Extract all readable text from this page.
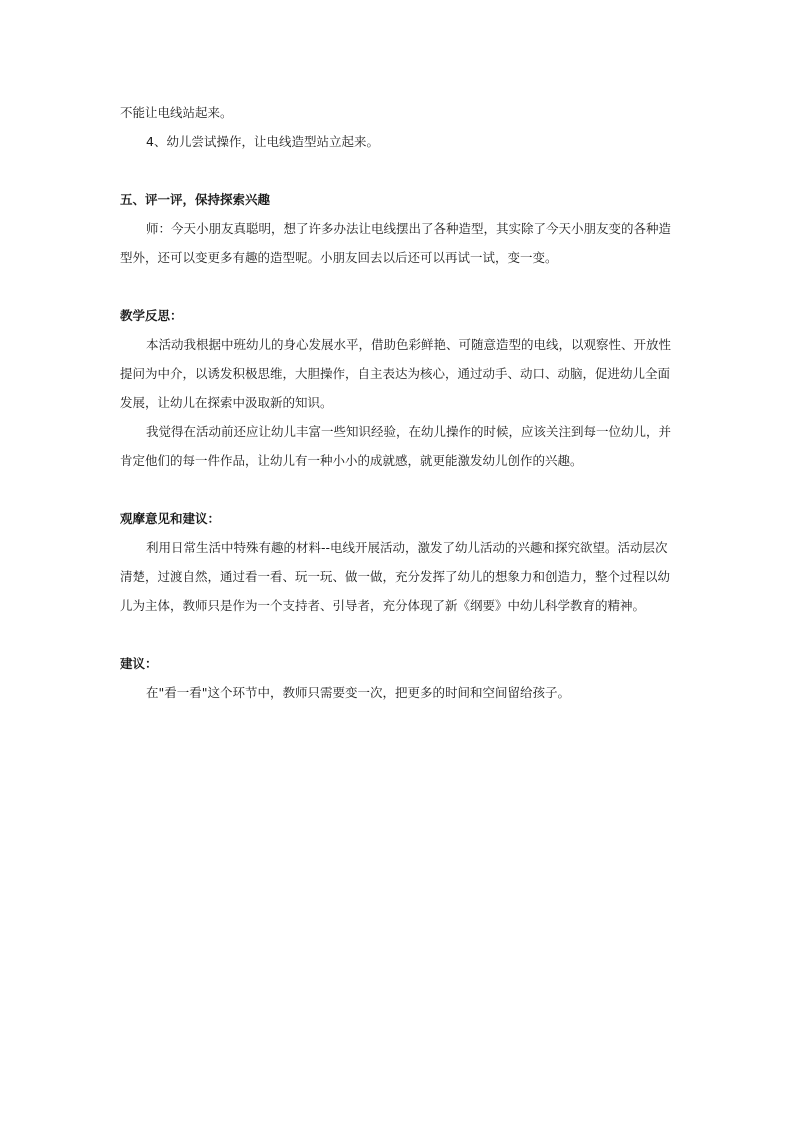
不能让电线站起来。

4、幼儿尝试操作，让电线造型站立起来。

五、评一评，保持探索兴趣

师：今天小朋友真聪明，想了许多办法让电线摆出了各种造型，其实除了今天小朋友变的各种造型外，还可以变更多有趣的造型呢。小朋友回去以后还可以再试一试，变一变。

教学反思：

本活动我根据中班幼儿的身心发展水平，借助色彩鲜艳、可随意造型的电线，以观察性、开放性提问为中介，以诱发积极思维，大胆操作，自主表达为核心，通过动手、动口、动脑，促进幼儿全面发展，让幼儿在探索中汲取新的知识。

我觉得在活动前还应让幼儿丰富一些知识经验，在幼儿操作的时候，应该关注到每一位幼儿，并肯定他们的每一件作品，让幼儿有一种小小的成就感，就更能激发幼儿创作的兴趣。

观摩意见和建议：

利用日常生活中特殊有趣的材料--电线开展活动，激发了幼儿活动的兴趣和探究欲望。活动层次清楚，过渡自然，通过看一看、玩一玩、做一做，充分发挥了幼儿的想象力和创造力，整个过程以幼儿为主体，教师只是作为一个支持者、引导者，充分体现了新《纲要》中幼儿科学教育的精神。

建议：

在"看一看"这个环节中，教师只需要变一次，把更多的时间和空间留给孩子。
